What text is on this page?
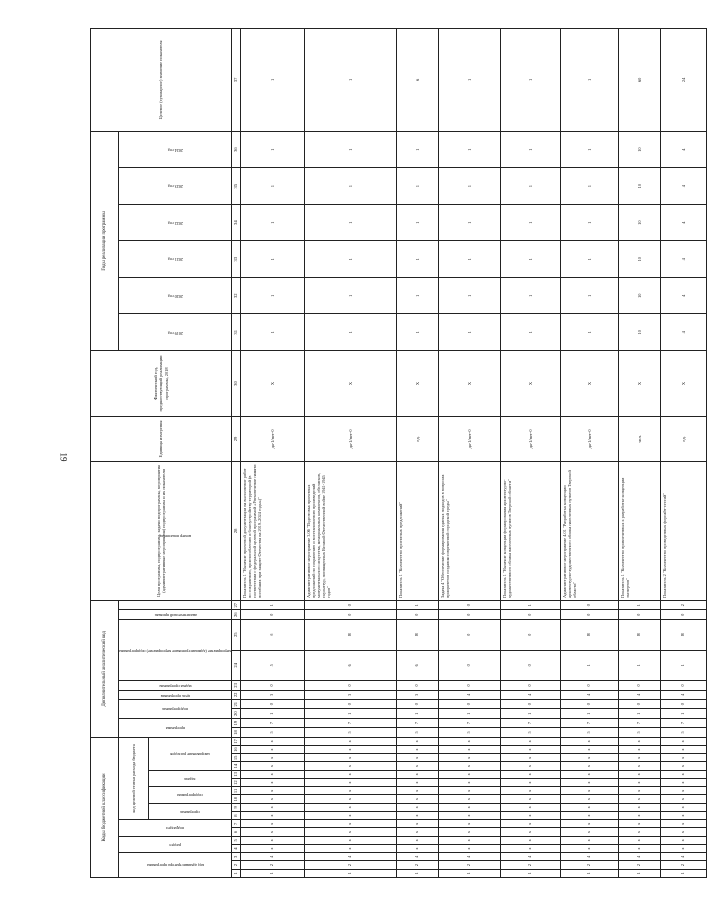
19
Коды бюджетной классификации																	Дополнительный аналитический код										Цели программы, подпрограммы, задачи подпрограммы, мероприятия (административные мероприятия) подпрограммы и их показатели	Единица измерения	Фактический год, предшествующий реализации программы, 2018	Годы реализации программы						Целевое (суммарное) значение показателя
код администратора программы			раздел		подраздел		код целевой статьи расхода бюджета										программа		подпрограмма		цель программы	задача программы	мероприятие (административное мероприятие) подпрограммы		аналитический признак	номер показателя				2019 год	2020 год	2021 год	2022 год	2023 год	2024 год	
							программа		подпрограмма		задача		направление расходов																							
1	2	3	4	5	6	7	8	9	10	11	12	13	14	15	16	17	18	19	20	21	22	23	24	25	26	27	28	29	30	31	32	33	34	35	36	37
1	2	4	x	x	x	x	x	x	x	x	x	x	x	x	x	x	5	7	1	0	3	0	5	б	0	1	Показатель 1 "Наличие проектной документации на выполнение работ по сохранению, приспособлению и благоустройству территорий (в соответствии с федеральной целевой программой «Увековечение памяти погибших при защите Отечества на 2019–2024 годы»)"	да-1/нет-0	X	1	1	1	1	1	1	1
1	2	4	x	x	x	x	x	x	x	x	x	x	x	x	x	x	5	7	1	0	3	0	6	Я	0	0	Административное мероприятие 3.06 "Подготовка проектных предложений по сохранению и восстановлению произведений монументального искусства, мемориальных комплексов, обелисков, скульптур, посвященных Великой Отечественной войне 1941-1945 годов"	да-1/нет-0	X	1	1	1	1	1	1	1
1	2	4	x	x	x	x	x	x	x	x	x	x	x	x	x	x	5	7	1	0	3	0	6	Я	0	1	Показатель 1 "Количество проектных предложений"	ед.	X	1	1	1	1	1	1	6
1	2	4	x	x	x	x	x	x	x	x	x	x	x	x	x	x	5	7	1	0	4	0	0	0	0	0	Задача 4 "Обеспечение формирования единых подходов в вопросах приоритетов создания современной городской среды"	да-1/нет-0	X	1	1	1	1	1	1	1
1	2	4	x	x	x	x	x	x	x	x	x	x	x	x	x	x	5	7	1	0	4	0	0	0	0	1	Показатель 1 "Наличие концепции формирования архитектурно-художественного облика населенных пунктов Тверской области"	да-1/нет-0	X	1	1	1	1	1	1	1
1	2	4	x	x	x	x	x	x	x	x	x	x	x	x	x	x	5	7	1	0	4	0	1	Я	0	0	Административное мероприятие 4.01 "Разработка концепции архитектурно-художественного облика населенных пунктов Тверской области"	да-1/нет-0	X	1	1	1	1	1	1	1
1	2	4	x	x	x	x	x	x	x	x	x	x	x	x	x	x	5	7	1	0	4	0	1	Я	0	1	Показатель 1 "Количество привлеченных к разработке концепции экспертов"	чел.	X	10	10	10	10	10	10	60
1	2	4	x	x	x	x	x	x	x	x	x	x	x	x	x	x	5	7	1	0	4	0	1	Я	0	2	Показатель 2 "Количество проведенных форсайт-сессий"	ед.	X	4	4	4	4	4	4	24
